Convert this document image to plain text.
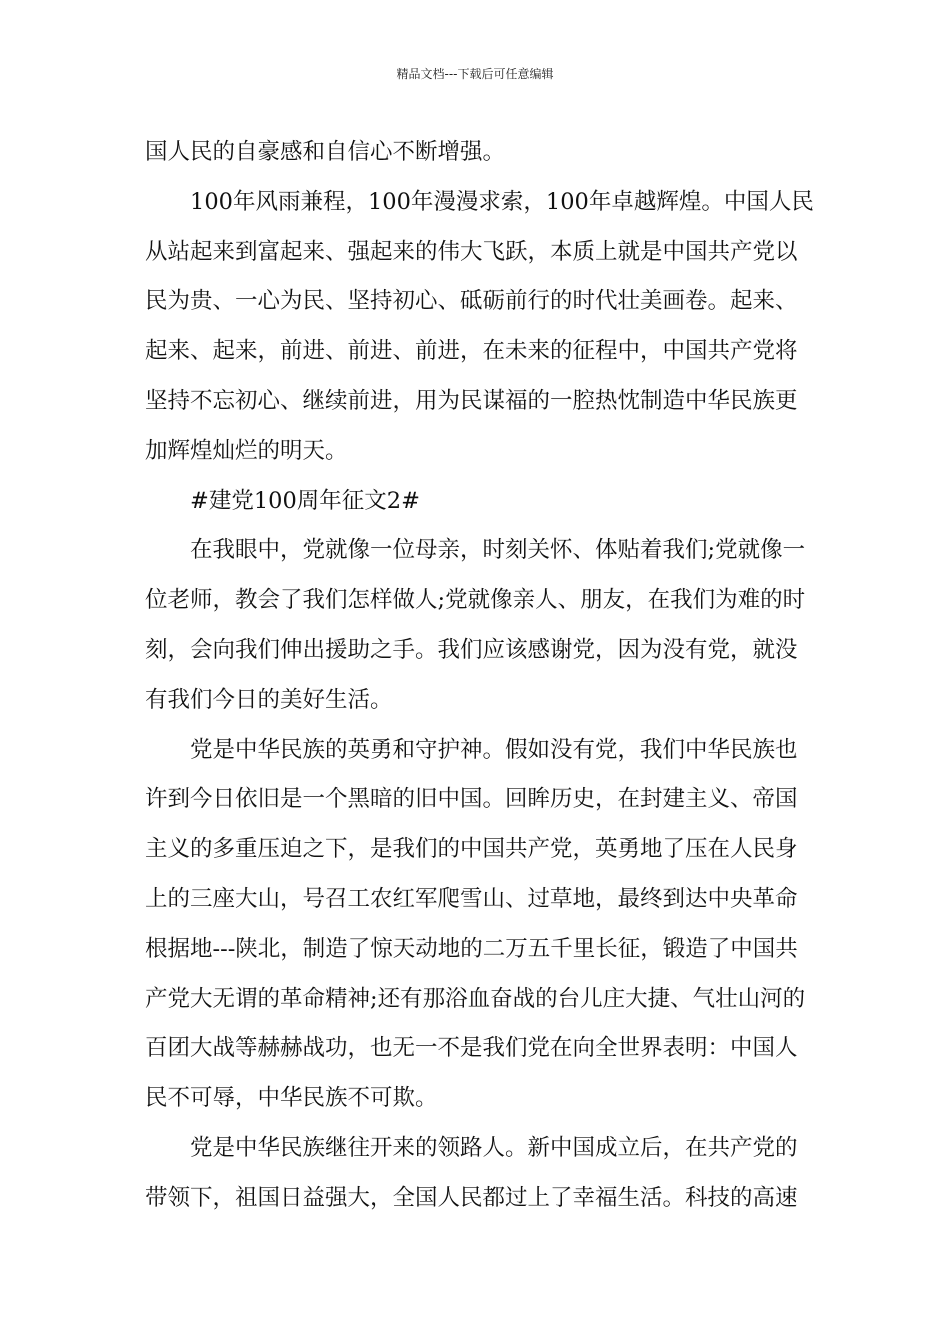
精品文档---下载后可任意编辑
国人民的自豪感和自信心不断增强。
100年风雨兼程，100年漫漫求索，100年卓越辉煌。中国人民
从站起来到富起来、强起来的伟大飞跃，本质上就是中国共产党以
民为贵、一心为民、坚持初心、砥砺前行的时代壮美画卷。起来、
起来、起来，前进、前进、前进，在未来的征程中，中国共产党将
坚持不忘初心、继续前进，用为民谋福的一腔热忱制造中华民族更
加辉煌灿烂的明天。
#建党100周年征文2#
在我眼中，党就像一位母亲，时刻关怀、体贴着我们;党就像一
位老师，教会了我们怎样做人;党就像亲人、朋友，在我们为难的时
刻，会向我们伸出援助之手。我们应该感谢党，因为没有党，就没
有我们今日的美好生活。
党是中华民族的英勇和守护神。假如没有党，我们中华民族也
许到今日依旧是一个黑暗的旧中国。回眸历史，在封建主义、帝国
主义的多重压迫之下，是我们的中国共产党，英勇地了压在人民身
上的三座大山，号召工农红军爬雪山、过草地，最终到达中央革命
根据地---陕北，制造了惊天动地的二万五千里长征，锻造了中国共
产党大无谓的革命精神;还有那浴血奋战的台儿庄大捷、气壮山河的
百团大战等赫赫战功，也无一不是我们党在向全世界表明：中国人
民不可辱，中华民族不可欺。
党是中华民族继往开来的领路人。新中国成立后，在共产党的
带领下，祖国日益强大，全国人民都过上了幸福生活。科技的高速
